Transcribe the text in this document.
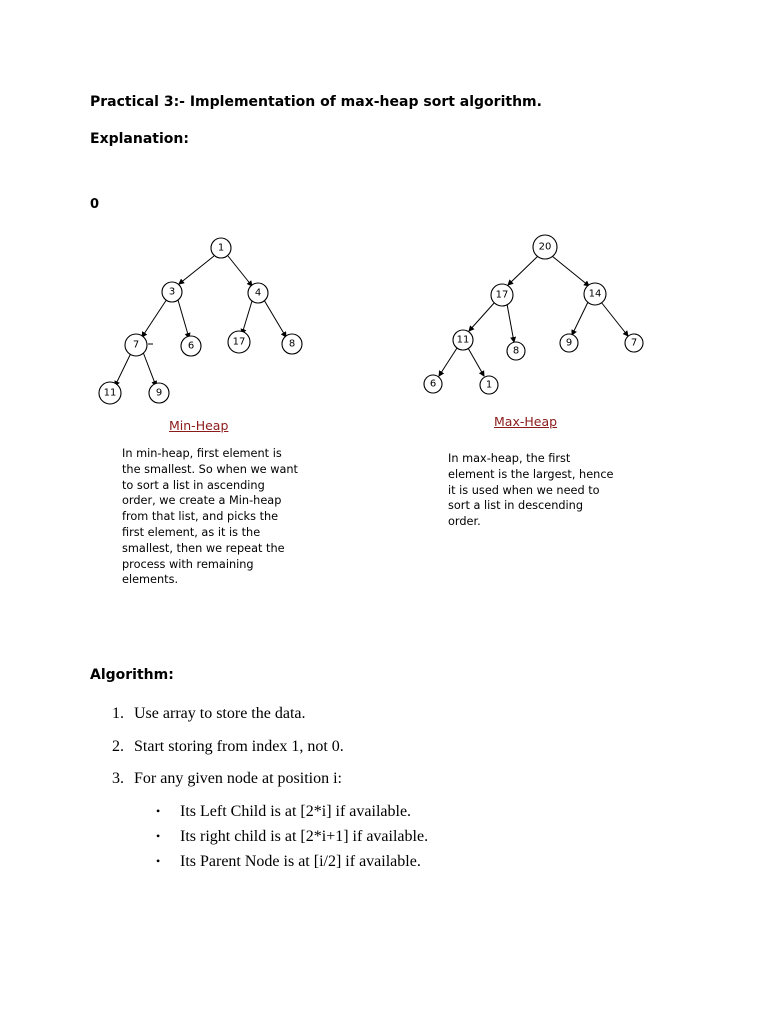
Practical 3:- Implementation of max-heap sort algorithm.
Explanation:
0
1
3	4
7	6	17	8
11	9
20
17	14
11
8
9	7
6	1
Min-Heap	Max-Heap
In min-heap, first element is
the smallest. So when we want
to sort a list in ascending
order, we create a Min-heap
from that list, and picks the
first element, as it is the
smallest, then we repeat the
process with remaining
elements.
In max-heap, the first
element is the largest, hence
it is used when we need to
sort a list in descending
order.
Algorithm:
1. Use array to store the data.
2. Start storing from index 1, not 0.
3. For any given node at position i:
• Its Left Child is at [2*i] if available.
• Its right child is at [2*i+1] if available.
• Its Parent Node is at [i/2] if available.
